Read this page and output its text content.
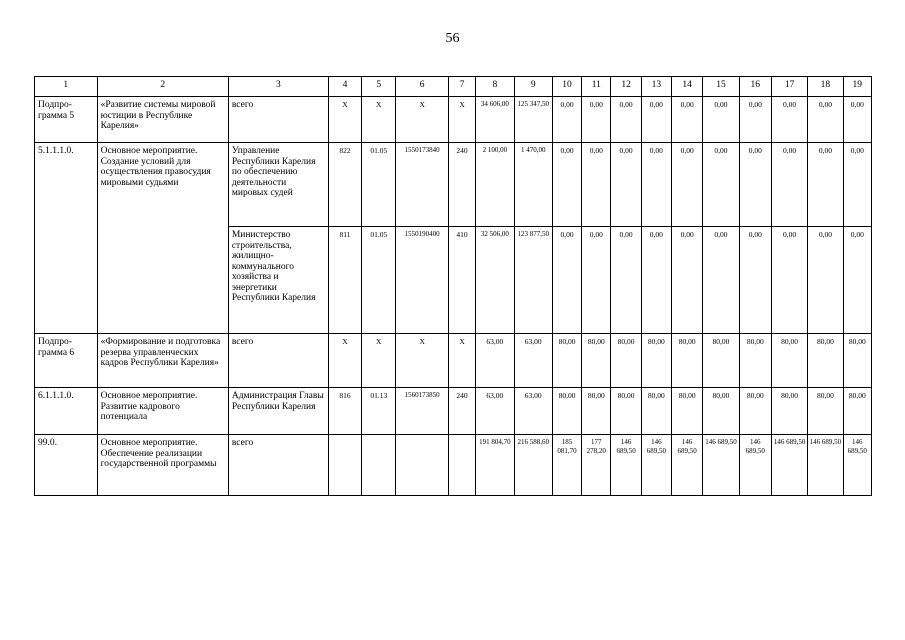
56
1	2	3	4	5	6	7	8	9	10	11	12	13	14	15	16	17	18	19
Подпро-грамма 5	«Развитие системы мировой юстиции в Республике Карелия»	всего	Х	Х	Х	Х	34 606,00	125 347,50	0,00	0,00	0,00	0,00	0,00	0,00	0,00	0,00	0,00	0,00
5.1.1.1.0.	Основное мероприятие. Создание условий для осуществления правосудия мировыми судьями	Управление Республики Карелия по обеспечению деятельности мировых судей	822	01.05	1550173840	240	2 100,00	1 470,00	0,00	0,00	0,00	0,00	0,00	0,00	0,00	0,00	0,00	0,00
		Министерство строительства, жилищно-коммунального хозяйства и энергетики Республики Карелия	811	01.05	1550190400	410	32 506,00	123 877,50	0,00	0,00	0,00	0,00	0,00	0,00	0,00	0,00	0,00	0,00
Подпро-грамма 6	«Формирование и подготовка резерва управленческих кадров Республики Карелия»	всего	Х	Х	Х	Х	63,00	63,00	80,00	80,00	80,00	80,00	80,00	80,00	80,00	80,00	80,00	80,00
6.1.1.1.0.	Основное мероприятие. Развитие кадрового потенциала	Администрация Главы Республики Карелия	816	01.13	1560173850	240	63,00	63,00	80,00	80,00	80,00	80,00	80,00	80,00	80,00	80,00	80,00	80,00
99.0.	Основное мероприятие. Обеспечение реализации государственной программы	всего					191 804,70	216 588,60	185 081,70	177 278,20	146 689,50	146 689,50	146 689,50	146 689,50	146 689,50	146 689,50	146 689,50	146 689,50
